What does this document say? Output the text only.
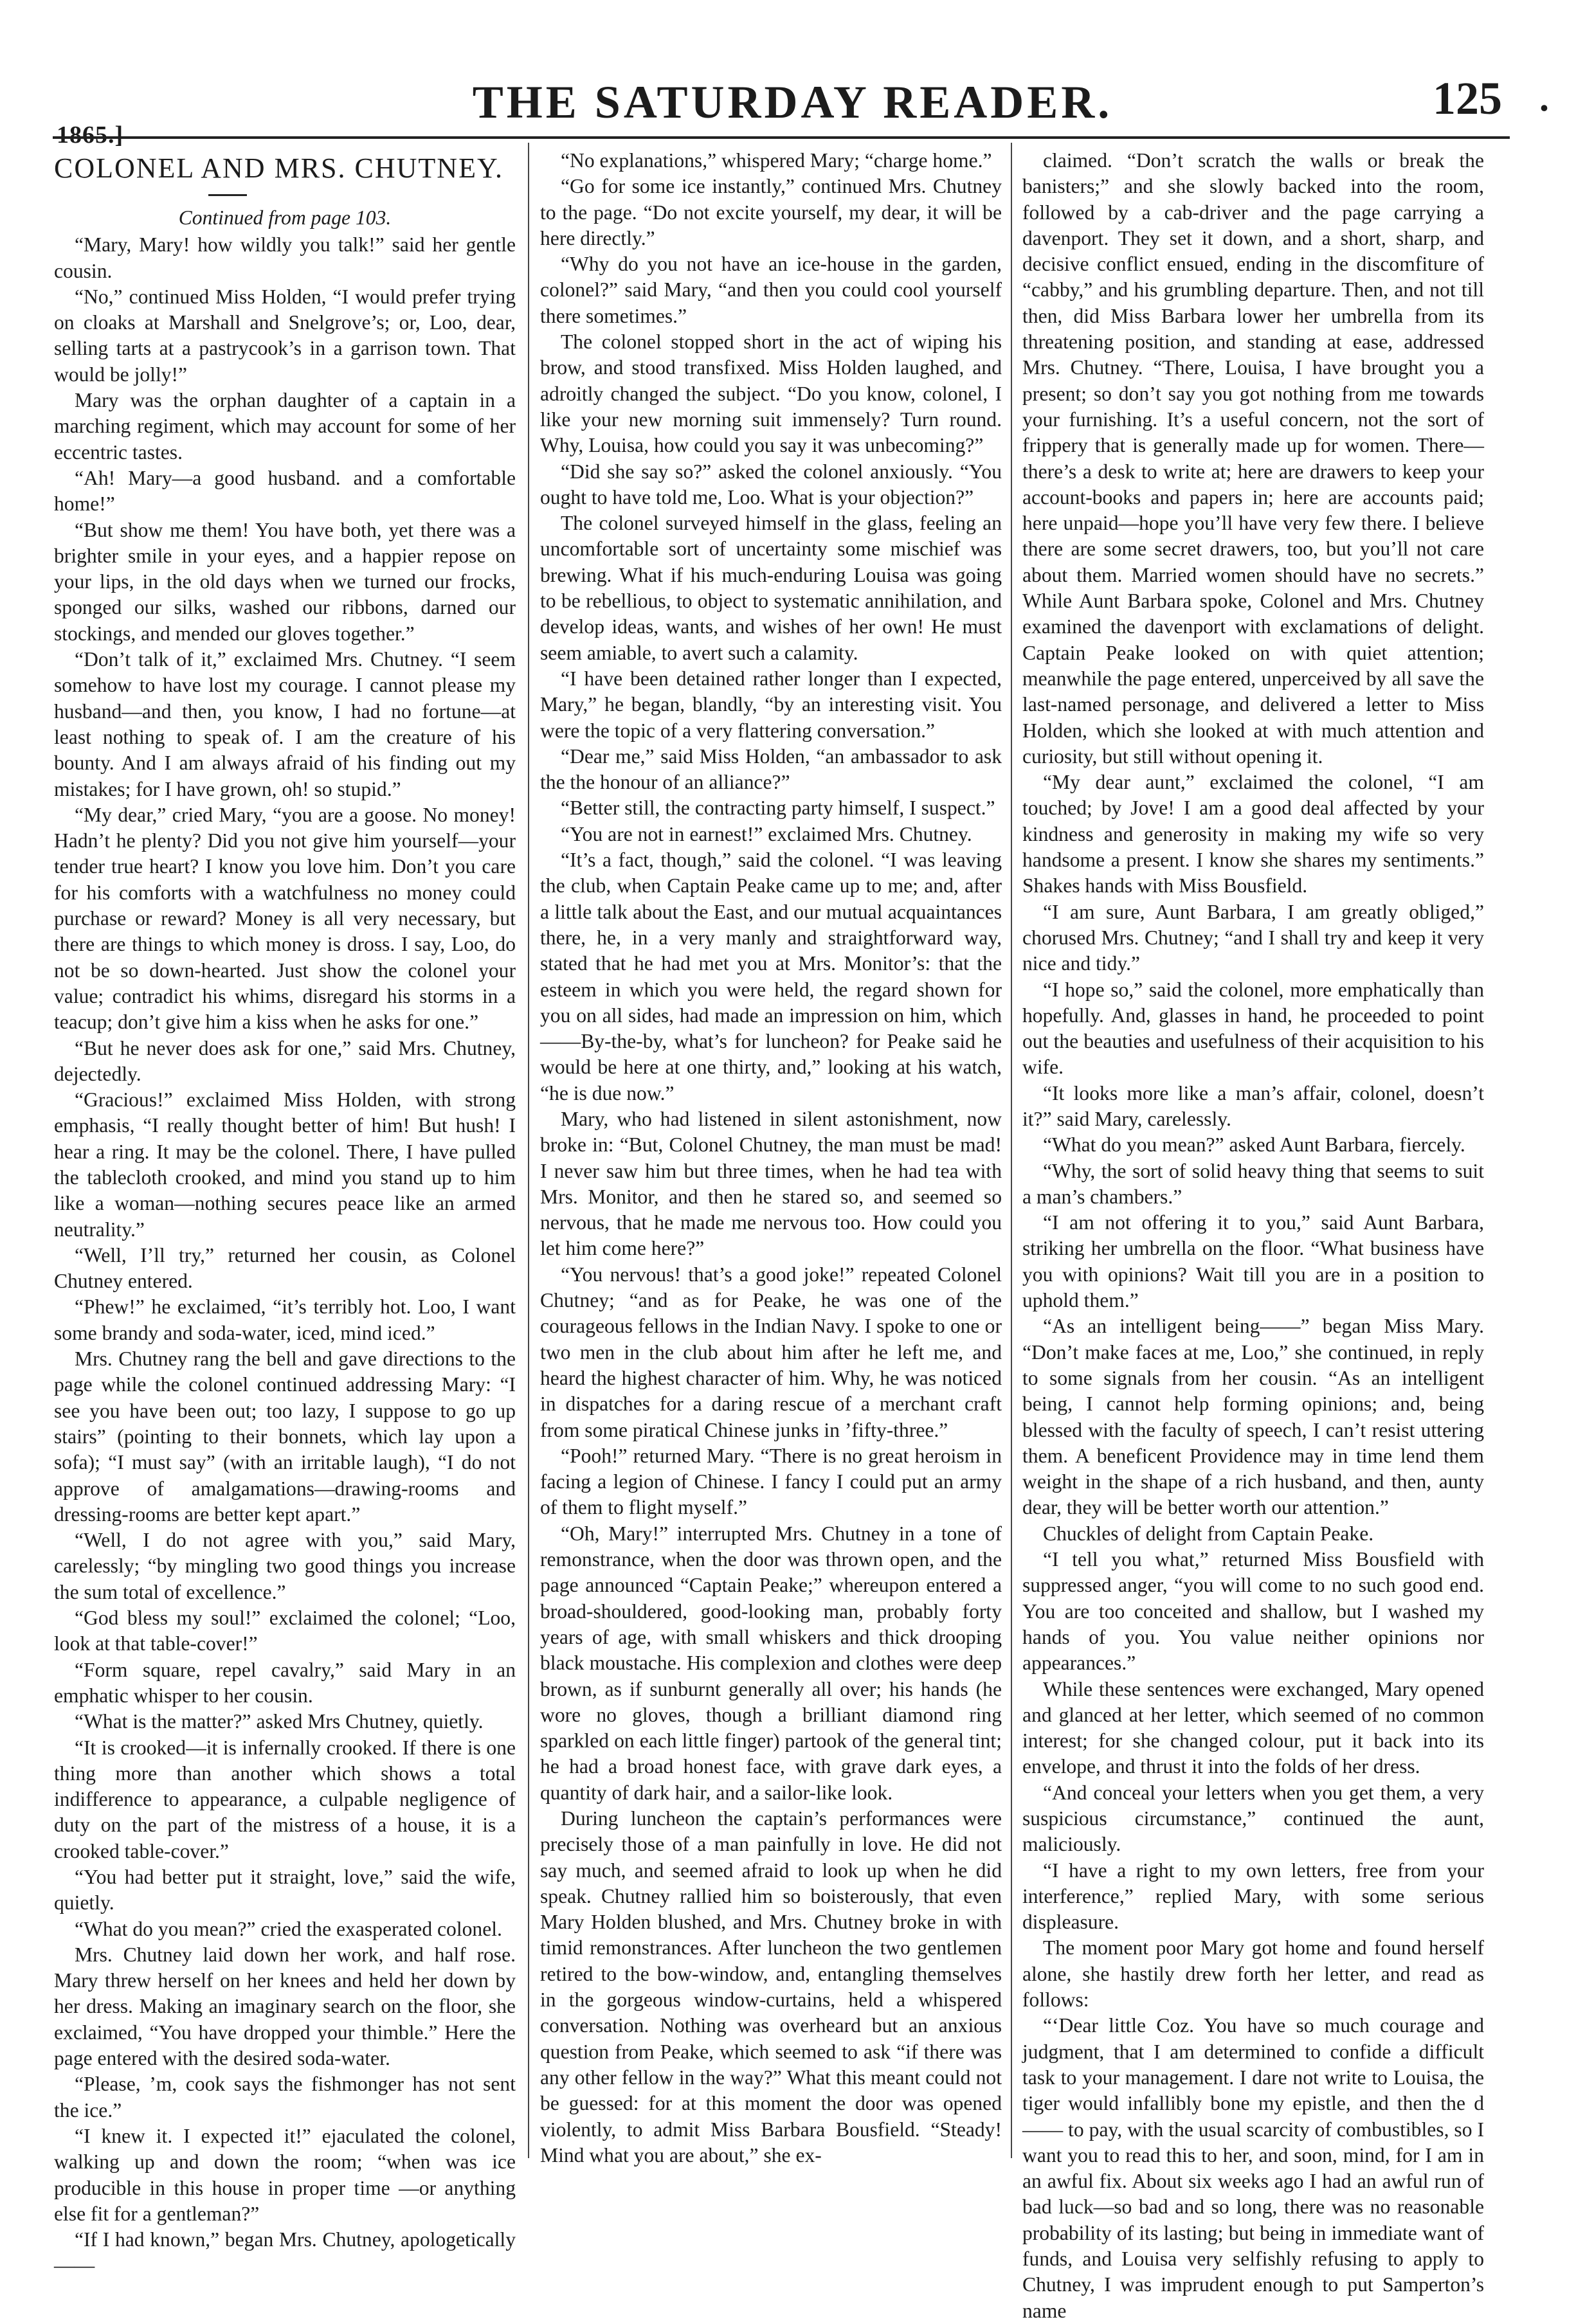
1865.]
THE SATURDAY READER.	125 .

COLONEL AND MRS. CHUTNEY.

Continued from page 103.

“Mary, Mary! how wildly you talk!” said her gentle cousin.

“No,” continued Miss Holden, “I would prefer trying on cloaks at Marshall and Snelgrove’s; or, Loo, dear, selling tarts at a pastrycook’s in a garrison town. That would be jolly!”

Mary was the orphan daughter of a captain in a marching regiment, which may account for some of her eccentric tastes.

“Ah! Mary—a good husband. and a comfortable home!”

“But show me them! You have both, yet there was a brighter smile in your eyes, and a happier repose on your lips, in the old days when we turned our frocks, sponged our silks, washed our ribbons, darned our stockings, and mended our gloves together.”

“Don’t talk of it,” exclaimed Mrs. Chutney. “I seem somehow to have lost my courage. I cannot please my husband—and then, you know, I had no fortune—at least nothing to speak of. I am the creature of his bounty. And I am always afraid of his finding out my mistakes; for I have grown, oh! so stupid.”

“My dear,” cried Mary, “you are a goose. No money! Hadn’t he plenty? Did you not give him yourself—your tender true heart? I know you love him. Don’t you care for his comforts with a watchfulness no money could purchase or reward? Money is all very necessary, but there are things to which money is dross. I say, Loo, do not be so down-hearted. Just show the colonel your value; contradict his whims, disregard his storms in a teacup; don’t give him a kiss when he asks for one.”

“But he never does ask for one,” said Mrs. Chutney, dejectedly.

“Gracious!” exclaimed Miss Holden, with strong emphasis, “I really thought better of him! But hush! I hear a ring. It may be the colonel. There, I have pulled the tablecloth crooked, and mind you stand up to him like a woman—nothing secures peace like an armed neutrality.”

“Well, I’ll try,” returned her cousin, as Colonel Chutney entered.

“Phew!” he exclaimed, “it’s terribly hot. Loo, I want some brandy and soda-water, iced, mind iced.”

Mrs. Chutney rang the bell and gave directions to the page while the colonel continued addressing Mary: “I see you have been out; too lazy, I suppose to go up stairs” (pointing to their bonnets, which lay upon a sofa); “I must say” (with an irritable laugh), “I do not approve of amalgamations—drawing-rooms and dressing-rooms are better kept apart.”

“Well, I do not agree with you,” said Mary, carelessly; “by mingling two good things you increase the sum total of excellence.”

“God bless my soul!” exclaimed the colonel; “Loo, look at that table-cover!”

“Form square, repel cavalry,” said Mary in an emphatic whisper to her cousin.

“What is the matter?” asked Mrs Chutney, quietly.

“It is crooked—it is infernally crooked. If there is one thing more than another which shows a total indifference to appearance, a culpable negligence of duty on the part of the mistress of a house, it is a crooked table-cover.”

“You had better put it straight, love,” said the wife, quietly.

“What do you mean?” cried the exasperated colonel.

Mrs. Chutney laid down her work, and half rose. Mary threw herself on her knees and held her down by her dress. Making an imaginary search on the floor, she exclaimed, “You have dropped your thimble.” Here the page entered with the desired soda-water.

“Please, ’m, cook says the fishmonger has not sent the ice.”

“I knew it. I expected it!” ejaculated the colonel, walking up and down the room; “when was ice producible in this house in proper time —or anything else fit for a gentleman?”

“If I had known,” began Mrs. Chutney, apologetically——

“No explanations,” whispered Mary; “charge home.”

“Go for some ice instantly,” continued Mrs. Chutney to the page. “Do not excite yourself, my dear, it will be here directly.”

“Why do you not have an ice-house in the garden, colonel?” said Mary, “and then you could cool yourself there sometimes.”

The colonel stopped short in the act of wiping his brow, and stood transfixed. Miss Holden laughed, and adroitly changed the subject. “Do you know, colonel, I like your new morning suit immensely? Turn round. Why, Louisa, how could you say it was unbecoming?”

“Did she say so?” asked the colonel anxiously. “You ought to have told me, Loo. What is your objection?”

The colonel surveyed himself in the glass, feeling an uncomfortable sort of uncertainty some mischief was brewing. What if his much-enduring Louisa was going to be rebellious, to object to systematic annihilation, and develop ideas, wants, and wishes of her own! He must seem amiable, to avert such a calamity.

“I have been detained rather longer than I expected, Mary,” he began, blandly, “by an interesting visit. You were the topic of a very flattering conversation.”

“Dear me,” said Miss Holden, “an ambassador to ask the the honour of an alliance?”

“Better still, the contracting party himself, I suspect.”

“You are not in earnest!” exclaimed Mrs. Chutney.

“It’s a fact, though,” said the colonel. “I was leaving the club, when Captain Peake came up to me; and, after a little talk about the East, and our mutual acquaintances there, he, in a very manly and straightforward way, stated that he had met you at Mrs. Monitor’s: that the esteem in which you were held, the regard shown for you on all sides, had made an impression on him, which——By-the-by, what’s for luncheon? for Peake said he would be here at one thirty, and,” looking at his watch, “he is due now.”

Mary, who had listened in silent astonishment, now broke in: “But, Colonel Chutney, the man must be mad! I never saw him but three times, when he had tea with Mrs. Monitor, and then he stared so, and seemed so nervous, that he made me nervous too. How could you let him come here?”

“You nervous! that’s a good joke!” repeated Colonel Chutney; “and as for Peake, he was one of the courageous fellows in the Indian Navy. I spoke to one or two men in the club about him after he left me, and heard the highest character of him. Why, he was noticed in dispatches for a daring rescue of a merchant craft from some piratical Chinese junks in ’fifty-three.”

“Pooh!” returned Mary. “There is no great heroism in facing a legion of Chinese. I fancy I could put an army of them to flight myself.”

“Oh, Mary!” interrupted Mrs. Chutney in a tone of remonstrance, when the door was thrown open, and the page announced “Captain Peake;” whereupon entered a broad-shouldered, good-looking man, probably forty years of age, with small whiskers and thick drooping black moustache. His complexion and clothes were deep brown, as if sunburnt generally all over; his hands (he wore no gloves, though a brilliant diamond ring sparkled on each little finger) partook of the general tint; he had a broad honest face, with grave dark eyes, a quantity of dark hair, and a sailor-like look.

During luncheon the captain’s performances were precisely those of a man painfully in love. He did not say much, and seemed afraid to look up when he did speak. Chutney rallied him so boisterously, that even Mary Holden blushed, and Mrs. Chutney broke in with timid remonstrances. After luncheon the two gentlemen retired to the bow-window, and, entangling themselves in the gorgeous window-curtains, held a whispered conversation. Nothing was overheard but an anxious question from Peake, which seemed to ask “if there was any other fellow in the way?” What this meant could not be guessed: for at this moment the door was opened violently, to admit Miss Barbara Bousfield. “Steady! Mind what you are about,” she ex-

claimed. “Don’t scratch the walls or break the banisters;” and she slowly backed into the room, followed by a cab-driver and the page carrying a davenport. They set it down, and a short, sharp, and decisive conflict ensued, ending in the discomfiture of “cabby,” and his grumbling departure. Then, and not till then, did Miss Barbara lower her umbrella from its threatening position, and standing at ease, addressed Mrs. Chutney. “There, Louisa, I have brought you a present; so don’t say you got nothing from me towards your furnishing. It’s a useful concern, not the sort of frippery that is generally made up for women. There—there’s a desk to write at; here are drawers to keep your account-books and papers in; here are accounts paid; here unpaid—hope you’ll have very few there. I believe there are some secret drawers, too, but you’ll not care about them. Married women should have no secrets.” While Aunt Barbara spoke, Colonel and Mrs. Chutney examined the davenport with exclamations of delight. Captain Peake looked on with quiet attention; meanwhile the page entered, unperceived by all save the last-named personage, and delivered a letter to Miss Holden, which she looked at with much attention and curiosity, but still without opening it.

“My dear aunt,” exclaimed the colonel, “I am touched; by Jove! I am a good deal affected by your kindness and generosity in making my wife so very handsome a present. I know she shares my sentiments.” Shakes hands with Miss Bousfield.

“I am sure, Aunt Barbara, I am greatly obliged,” chorused Mrs. Chutney; “and I shall try and keep it very nice and tidy.”

“I hope so,” said the colonel, more emphatically than hopefully. And, glasses in hand, he proceeded to point out the beauties and usefulness of their acquisition to his wife.

“It looks more like a man’s affair, colonel, doesn’t it?” said Mary, carelessly.

“What do you mean?” asked Aunt Barbara, fiercely.

“Why, the sort of solid heavy thing that seems to suit a man’s chambers.”

“I am not offering it to you,” said Aunt Barbara, striking her umbrella on the floor. “What business have you with opinions? Wait till you are in a position to uphold them.”

“As an intelligent being——” began Miss Mary. “Don’t make faces at me, Loo,” she continued, in reply to some signals from her cousin. “As an intelligent being, I cannot help forming opinions; and, being blessed with the faculty of speech, I can’t resist uttering them. A beneficent Providence may in time lend them weight in the shape of a rich husband, and then, aunty dear, they will be better worth our attention.”

Chuckles of delight from Captain Peake.

“I tell you what,” returned Miss Bousfield with suppressed anger, “you will come to no such good end. You are too conceited and shallow, but I washed my hands of you. You value neither opinions nor appearances.”

While these sentences were exchanged, Mary opened and glanced at her letter, which seemed of no common interest; for she changed colour, put it back into its envelope, and thrust it into the folds of her dress.

“And conceal your letters when you get them, a very suspicious circumstance,” continued the aunt, maliciously.

“I have a right to my own letters, free from your interference,” replied Mary, with some serious displeasure.

The moment poor Mary got home and found herself alone, she hastily drew forth her letter, and read as follows:

“‘Dear little Coz. You have so much courage and judgment, that I am determined to confide a difficult task to your management. I dare not write to Louisa, the tiger would infallibly bone my epistle, and then the d—— to pay, with the usual scarcity of combustibles, so I want you to read this to her, and soon, mind, for I am in an awful fix. About six weeks ago I had an awful run of bad luck—so bad and so long, there was no reasonable probability of its lasting; but being in immediate want of funds, and Louisa very selfishly refusing to apply to Chutney, I was imprudent enough to put Samperton’s name
